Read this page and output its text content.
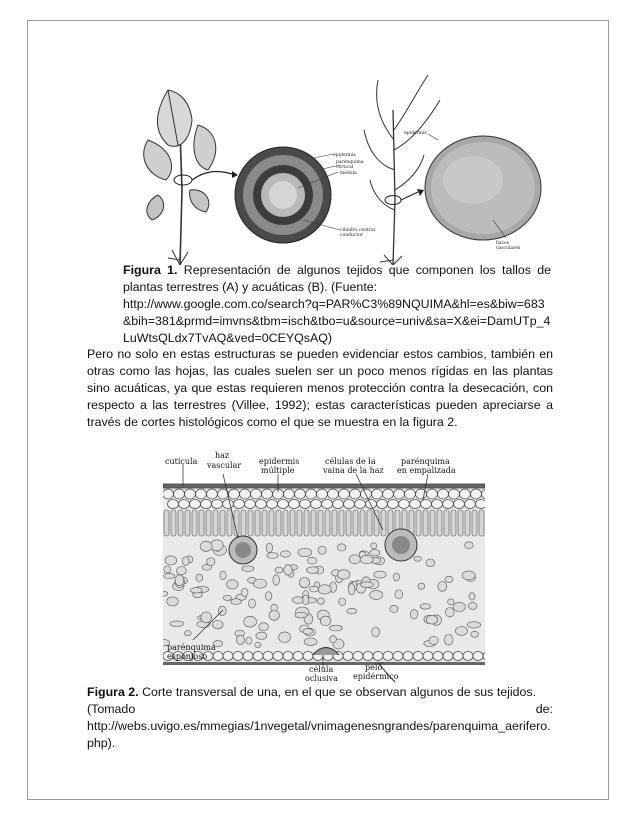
epidermis
parénquima
cortical
médula
cilindro central
conductor
epidermis
haces
vasculares
Figura 1. Representación de algunos tejidos que componen los tallos de plantas terrestres (A) y acuáticas (B). (Fuente:
http://www.google.com.co/search?q=PAR%C3%89NQUIMA&hl=es&biw=683&bih=381&prmd=imvns&tbm=isch&tbo=u&source=univ&sa=X&ei=DamUTp_4LuWtsQLdx7TvAQ&ved=0CEYQsAQ)
Pero no solo en estas estructuras se pueden evidenciar estos cambios, también en otras como las hojas, las cuales suelen ser un poco menos rígidas en las plantas sino acuáticas, ya que estas requieren menos protección contra la desecación, con respecto a las terrestres (Villee, 1992); estas características pueden apreciarse a través de cortes histológicos como el que se muestra en la figura 2.
cutícula
haz
vascular epidermis
múltiple
células de la
vaina de la haz
parénquima
en empalizada
parénquima
esponjoso
célula
oclusiva
pelo
epidérmico
Figura 2. Corte transversal de una, en el que se observan algunos de sus tejidos.
(Tomado	de:
http://webs.uvigo.es/mmegias/1nvegetal/vnimagenesngrandes/parenquima_aerifero.php).
